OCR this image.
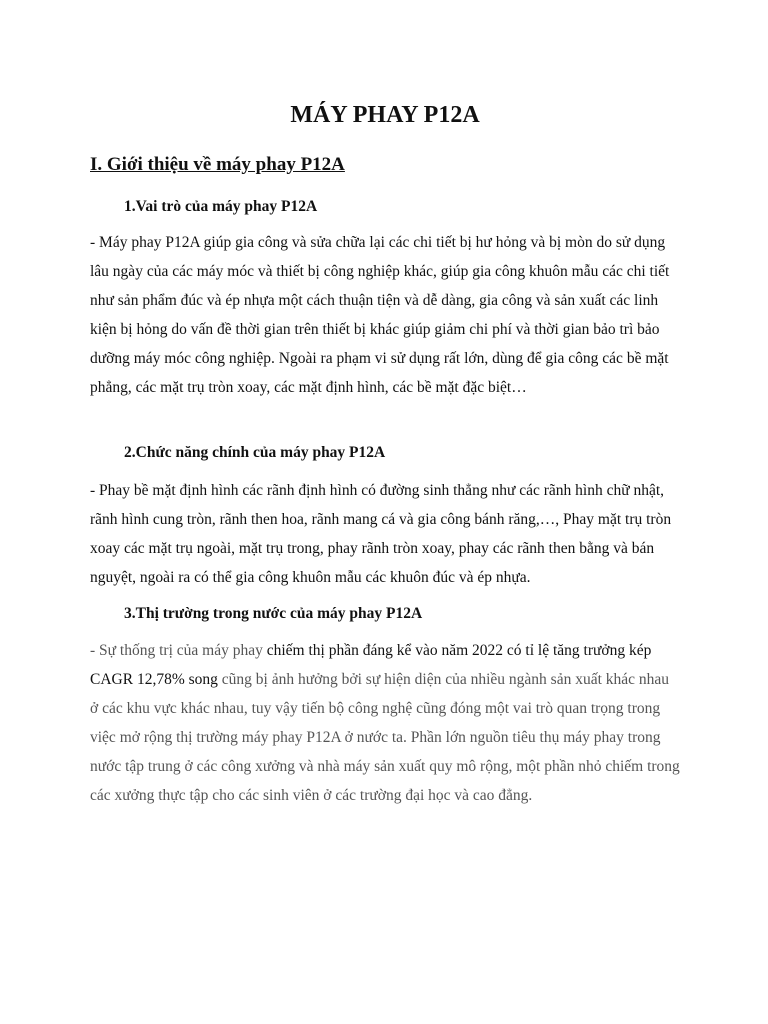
MÁY PHAY P12A
I. Giới thiệu về máy phay P12A
1.Vai trò của máy phay P12A

- Máy phay P12A giúp gia công và sửa chữa lại các chi tiết bị hư hỏng và bị mòn do sử dụng lâu ngày của các máy móc và thiết bị công nghiệp khác, giúp gia công khuôn mẫu các chi tiết như sản phẩm đúc và ép nhựa một cách thuận tiện và dễ dàng, gia công và sản xuất các linh kiện bị hỏng do vấn đề thời gian trên thiết bị khác giúp giảm chi phí và thời gian bảo trì bảo dưỡng máy móc công nghiệp. Ngoài ra phạm vi sử dụng rất lớn, dùng để gia công các bề mặt phẳng, các mặt trụ tròn xoay, các mặt định hình, các bề mặt đặc biệt…

2.Chức năng chính của máy phay P12A

- Phay bề mặt định hình các rãnh định hình có đường sinh thẳng như các rãnh hình chữ nhật, rãnh hình cung tròn, rãnh then hoa, rãnh mang cá và gia công bánh răng,…, Phay mặt trụ tròn xoay các mặt trụ ngoài, mặt trụ trong, phay rãnh tròn xoay, phay các rãnh then bằng và bán nguyệt, ngoài ra có thể gia công khuôn mẫu các khuôn đúc và ép nhựa.

3.Thị trường trong nước của máy phay P12A

- Sự thống trị của máy phay chiếm thị phần đáng kể vào năm 2022 có tỉ lệ tăng trưởng kép CAGR 12,78% song cũng bị ảnh hưởng bởi sự hiện diện của nhiều ngành sản xuất khác nhau ở các khu vực khác nhau, tuy vậy tiến bộ công nghệ cũng đóng một vai trò quan trọng trong việc mở rộng thị trường máy phay P12A ở nước ta. Phần lớn nguồn tiêu thụ máy phay trong nước tập trung ở các công xưởng và nhà máy sản xuất quy mô rộng, một phần nhỏ chiếm trong các xưởng thực tập cho các sinh viên ở các trường đại học và cao đẳng.
